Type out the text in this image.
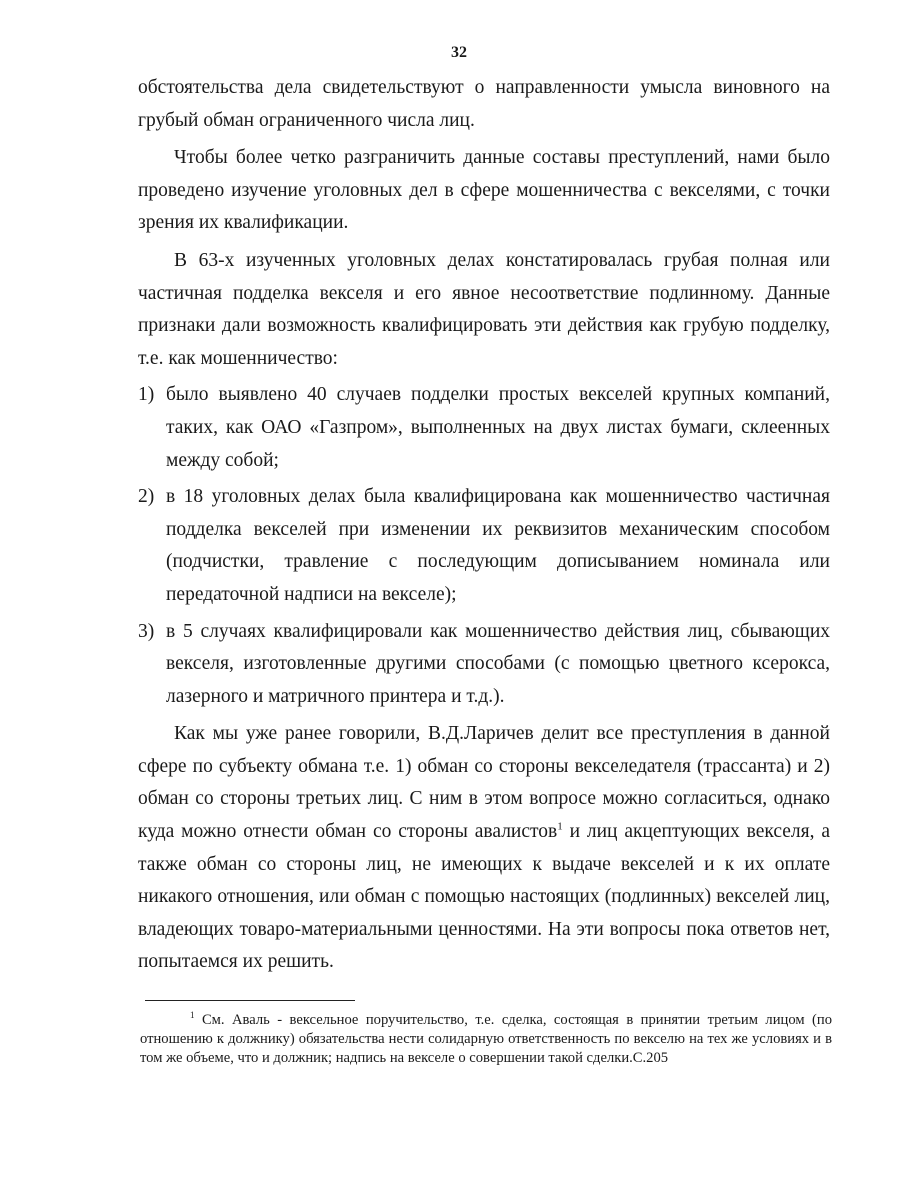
32

обстоятельства дела свидетельствуют о направленности умысла виновного на грубый обман ограниченного числа лиц.

Чтобы более четко разграничить данные составы преступлений, нами было проведено изучение уголовных дел в сфере мошенничества с векселями, с точки зрения их квалификации.

В 63-х изученных уголовных делах констатировалась грубая полная или частичная подделка векселя и его явное несоответствие подлинному. Данные признаки дали возможность квалифицировать эти действия как грубую подделку, т.е. как мошенничество:

1) было выявлено 40 случаев подделки простых векселей крупных компаний, таких, как ОАО «Газпром», выполненных на двух листах бумаги, склеенных между собой;
2) в 18 уголовных делах была квалифицирована как мошенничество частичная подделка векселей при изменении их реквизитов механическим способом (подчистки, травление с последующим дописыванием номинала или передаточной надписи на векселе);
3) в 5 случаях квалифицировали как мошенничество действия лиц, сбывающих векселя, изготовленные другими способами (с помощью цветного ксерокса, лазерного и матричного принтера и т.д.).

Как мы уже ранее говорили, В.Д.Ларичев делит все преступления в данной сфере по субъекту обмана т.е. 1) обман со стороны векселедателя (трассанта) и 2) обман со стороны третьих лиц. С ним в этом вопросе можно согласиться, однако куда можно отнести обман со стороны авалистов$^1$ и лиц акцептующих векселя, а также обман со стороны лиц, не имеющих к выдаче векселей и к их оплате никакого отношения, или обман с помощью настоящих (подлинных) векселей лиц, владеющих товаро-материальными ценностями. На эти вопросы пока ответов нет, попытаемся их решить.

$^1$ См. Аваль - вексельное поручительство, т.е. сделка, состоящая в принятии третьим лицом (по отношению к должнику) обязательства нести солидарную ответственность по векселю на тех же условиях и в том же объеме, что и должник; надпись на векселе о совершении такой сделки.С.205
